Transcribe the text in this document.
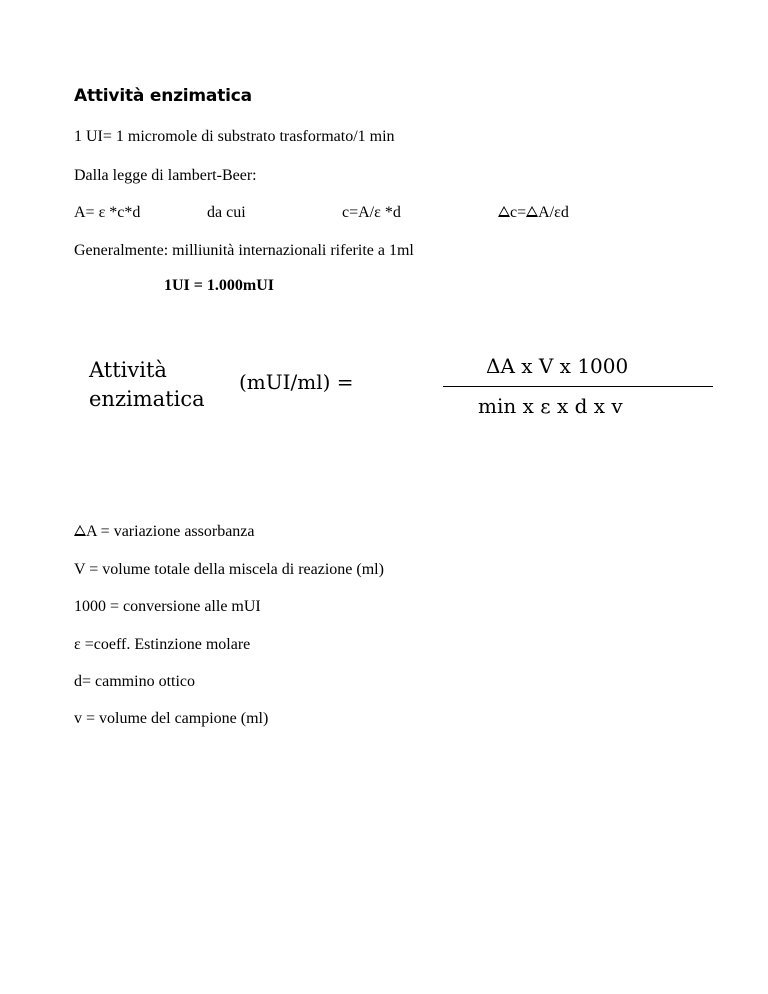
Attività enzimatica
1 UI= 1 micromole di substrato trasformato/1 min
Dalla legge di lambert-Beer:
A= ε *c*d	da cui	c=A/ε *d	c= A/εd
Generalmente: milliunità internazionali riferite a 1ml
1UI = 1.000mUI
Attività
enzimatica
(mUI/ml) =
ΔA x V x 1000
min x ε x d x v
A = variazione assorbanza
V = volume totale della miscela di reazione (ml)
1000 = conversione alle mUI
ε =coeff. Estinzione molare
d= cammino ottico
v = volume del campione (ml)
